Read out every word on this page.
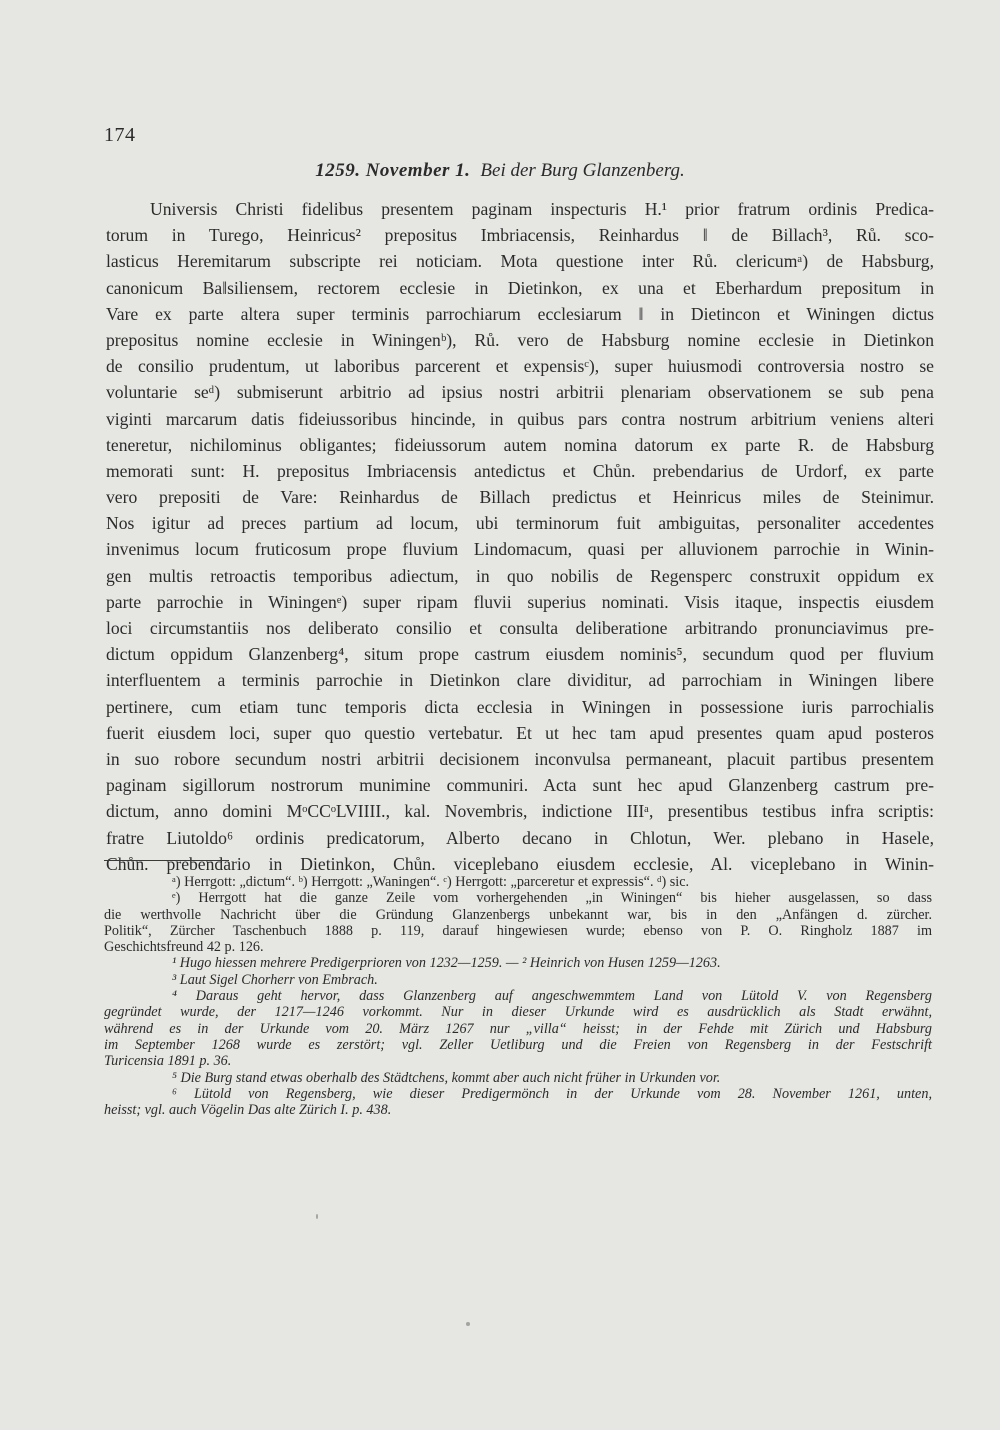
174
1259. November 1. Bei der Burg Glanzenberg.
Universis Christi fidelibus presentem paginam inspecturis H.¹ prior fratrum ordinis Predica-
torum in Turego, Heinricus² prepositus Imbriacensis, Reinhardus ‖ de Billach³, Rů. sco-
lasticus Heremitarum subscripte rei noticiam. Mota questione inter Rů. clericumᵃ) de Habsburg,
canonicum Ba‖siliensem, rectorem ecclesie in Dietinkon, ex una et Eberhardum prepositum in
Vare ex parte altera super terminis parrochiarum ecclesiarum ‖ in Dietincon et Winingen dictus
prepositus nomine ecclesie in Winingenᵇ), Rů. vero de Habsburg nomine ecclesie in Dietinkon
de consilio prudentum, ut laboribus parcerent et expensisᶜ), super huiusmodi controversia nostro se
voluntarie seᵈ) submiserunt arbitrio ad ipsius nostri arbitrii plenariam observationem se sub pena
viginti marcarum datis fideiussoribus hincinde, in quibus pars contra nostrum arbitrium veniens alteri
teneretur, nichilominus obligantes; fideiussorum autem nomina datorum ex parte R. de Habsburg
memorati sunt: H. prepositus Imbriacensis antedictus et Chůn. prebendarius de Urdorf, ex parte
vero prepositi de Vare: Reinhardus de Billach predictus et Heinricus miles de Steinimur.
Nos igitur ad preces partium ad locum, ubi terminorum fuit ambiguitas, personaliter accedentes
invenimus locum fruticosum prope fluvium Lindomacum, quasi per alluvionem parrochie in Winin-
gen multis retroactis temporibus adiectum, in quo nobilis de Regensperc construxit oppidum ex
parte parrochie in Winingenᵉ) super ripam fluvii superius nominati. Visis itaque, inspectis eiusdem
loci circumstantiis nos deliberato consilio et consulta deliberatione arbitrando pronunciavimus pre-
dictum oppidum Glanzenberg⁴, situm prope castrum eiusdem nominis⁵, secundum quod per fluvium
interfluentem a terminis parrochie in Dietinkon clare dividitur, ad parrochiam in Winingen libere
pertinere, cum etiam tunc temporis dicta ecclesia in Winingen in possessione iuris parrochialis
fuerit eiusdem loci, super quo questio vertebatur. Et ut hec tam apud presentes quam apud posteros
in suo robore secundum nostri arbitrii decisionem inconvulsa permaneant, placuit partibus presentem
paginam sigillorum nostrorum munimine communiri. Acta sunt hec apud Glanzenberg castrum pre-
dictum, anno domini MᵒCCᵒLVIIII., kal. Novembris, indictione IIIᵃ, presentibus testibus infra scriptis:
fratre Liutoldo⁶ ordinis predicatorum, Alberto decano in Chlotun, Wer. plebano in Hasele,
Chůn. prebendario in Dietinkon, Chůn. viceplebano eiusdem ecclesie, Al. viceplebano in Winin-
ᵃ) Herrgott: „dictum“. ᵇ) Herrgott: „Waningen“. ᶜ) Herrgott: „parceretur et expressis“. ᵈ) sic.
ᵉ) Herrgott hat die ganze Zeile vom vorhergehenden „in Winingen“ bis hieher ausgelassen, so dass
die werthvolle Nachricht über die Gründung Glanzenbergs unbekannt war, bis in den „Anfängen d. zürcher.
Politik“, Zürcher Taschenbuch 1888 p. 119, darauf hingewiesen wurde; ebenso von P. O. Ringholz 1887 im
Geschichtsfreund 42 p. 126.
¹ Hugo hiessen mehrere Predigerprioren von 1232—1259. — ² Heinrich von Husen 1259—1263.
³ Laut Sigel Chorherr von Embrach.
⁴ Daraus geht hervor, dass Glanzenberg auf angeschwemmtem Land von Lütold V. von Regensberg
gegründet wurde, der 1217—1246 vorkommt. Nur in dieser Urkunde wird es ausdrücklich als Stadt erwähnt,
während es in der Urkunde vom 20. März 1267 nur „villa“ heisst; in der Fehde mit Zürich und Habsburg
im September 1268 wurde es zerstört; vgl. Zeller Uetliburg und die Freien von Regensberg in der Festschrift
Turicensia 1891 p. 36.
⁵ Die Burg stand etwas oberhalb des Städtchens, kommt aber auch nicht früher in Urkunden vor.
⁶ Lütold von Regensberg, wie dieser Predigermönch in der Urkunde vom 28. November 1261, unten,
heisst; vgl. auch Vögelin Das alte Zürich I. p. 438.
